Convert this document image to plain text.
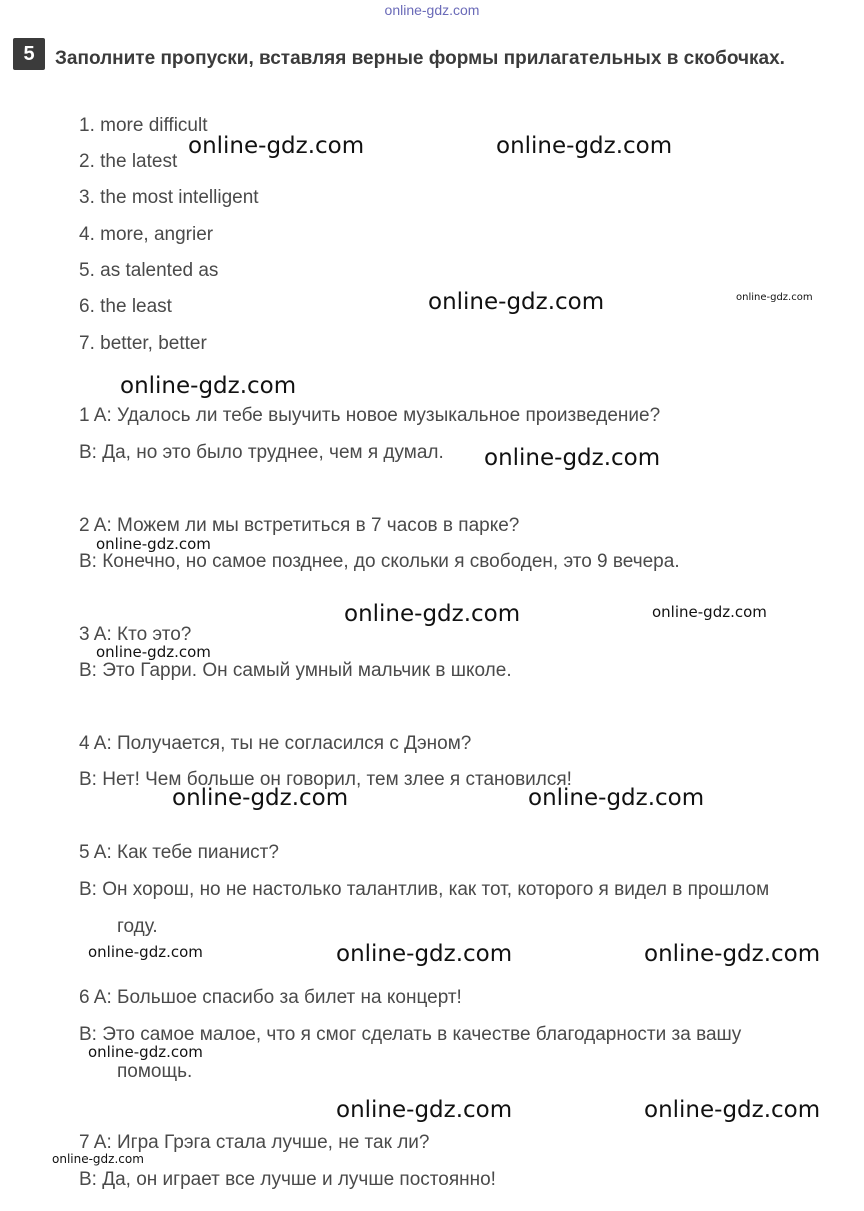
online-gdz.com
5	Заполните пропуски, вставляя верные формы прилагательных в скобочках.
1. more difficult
2. the latest
3. the most intelligent
4. more, angrier
5. as talented as
6. the least
7. better, better
1 A: Удалось ли тебе выучить новое музыкальное произведение?
B: Да, но это было труднее, чем я думал.
2 A: Можем ли мы встретиться в 7 часов в парке?
B: Конечно, но самое позднее, до скольки я свободен, это 9 вечера.
3 A: Кто это?
B: Это Гарри. Он самый умный мальчик в школе.
4 A: Получается, ты не согласился с Дэном?
B: Нет! Чем больше он говорил, тем злее я становился!
5 A: Как тебе пианист?
B: Он хорош, но не настолько талантлив, как тот, которого я видел в прошлом
году.
6 A: Большое спасибо за билет на концерт!
B: Это самое малое, что я смог сделать в качестве благодарности за вашу
помощь.
7 A: Игра Грэга стала лучше, не так ли?
B: Да, он играет все лучше и лучше постоянно!
online-gdz.com	online-gdz.com
online-gdz.com	online-gdz.com
online-gdz.com
online-gdz.com
online-gdz.com
online-gdz.com	online-gdz.com
online-gdz.com
online-gdz.com	online-gdz.com
online-gdz.com	online-gdz.com	online-gdz.com
online-gdz.com
online-gdz.com	online-gdz.com
online-gdz.com
